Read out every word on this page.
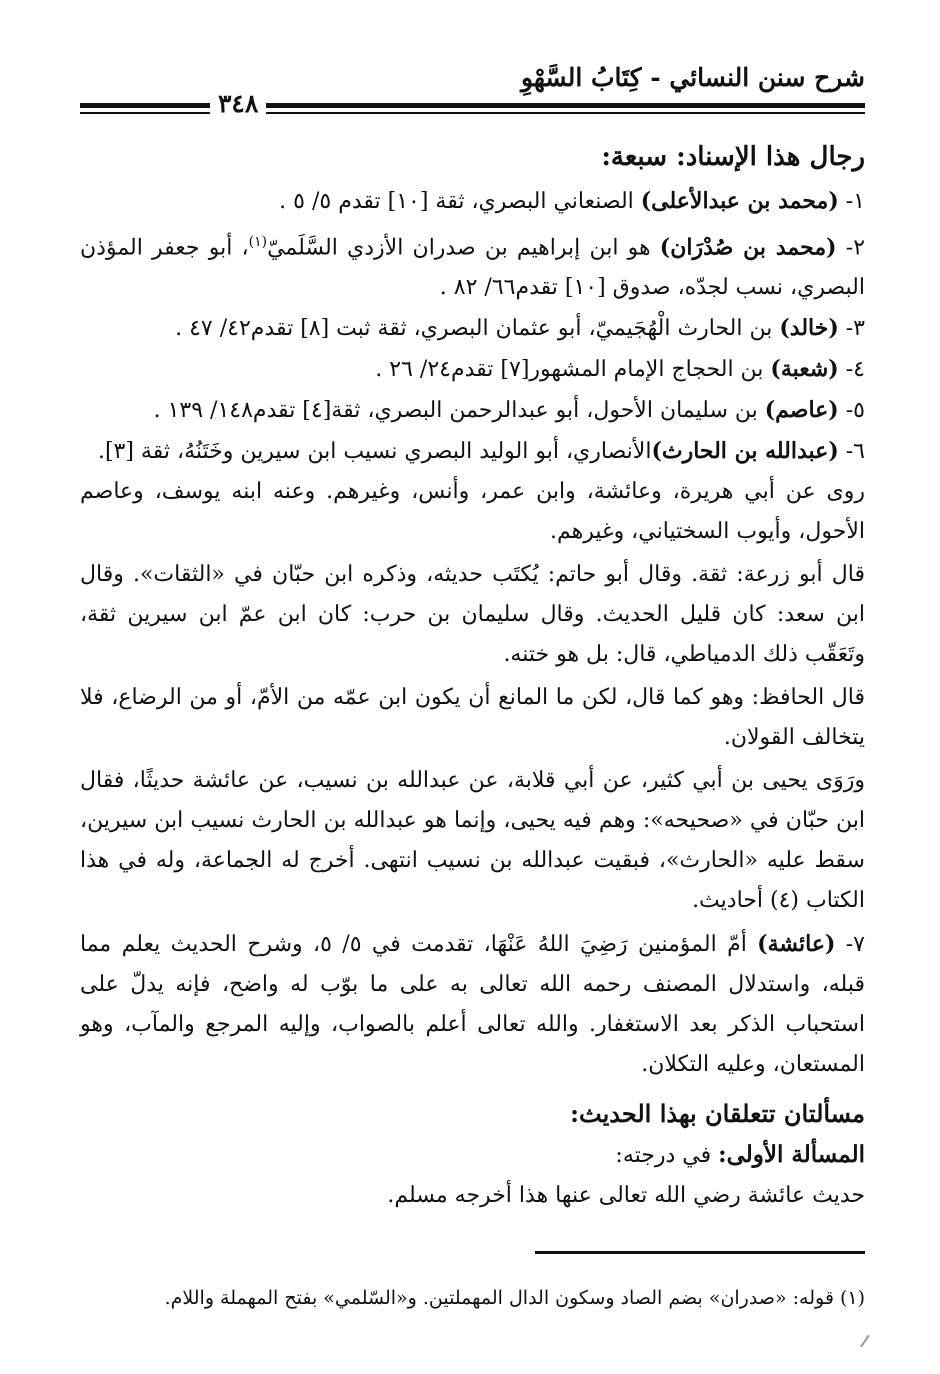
شرح سنن النسائي - كِتَابُ السَّهْوِ
٣٤٨
رجال هذا الإسناد: سبعة:

١- (محمد بن عبدالأعلى) الصنعاني البصري، ثقة [١٠] تقدم ٥/ ٥ .

٢- (محمد بن صُدْرَان) هو ابن إبراهيم بن صدران الأزدي السَّلَميّ$^{(١)}$، أبو جعفر المؤذن البصري، نسب لجدّه، صدوق [١٠] تقدم٦٦/ ٨٢ .

٣- (خالد) بن الحارث الْهُجَيميّ، أبو عثمان البصري، ثقة ثبت [٨] تقدم٤٢/ ٤٧ .

٤- (شعبة) بن الحجاج الإمام المشهور[٧] تقدم٢٤/ ٢٦ .

٥- (عاصم) بن سليمان الأحول، أبو عبدالرحمن البصري، ثقة[٤] تقدم١٤٨/ ١٣٩ .

٦- (عبدالله بن الحارث)الأنصاري، أبو الوليد البصري نسيب ابن سيرين وخَتَنُهُ، ثقة [٣].

روى عن أبي هريرة، وعائشة، وابن عمر، وأنس، وغيرهم. وعنه ابنه يوسف، وعاصم الأحول، وأيوب السختياني، وغيرهم.

قال أبو زرعة: ثقة. وقال أبو حاتم: يُكتَب حديثه، وذكره ابن حبّان في «الثقات». وقال ابن سعد: كان قليل الحديث. وقال سليمان بن حرب: كان ابن عمّ ابن سيرين ثقة، وتَعَقّب ذلك الدمياطي، قال: بل هو ختنه.

قال الحافظ: وهو كما قال، لكن ما المانع أن يكون ابن عمّه من الأمّ، أو من الرضاع، فلا يتخالف القولان.

ورَوَى يحيى بن أبي كثير، عن أبي قلابة، عن عبدالله بن نسيب، عن عائشة حديثًا، فقال ابن حبّان في «صحيحه»: وهم فيه يحيى، وإنما هو عبدالله بن الحارث نسيب ابن سيرين، سقط عليه «الحارث»، فبقيت عبدالله بن نسيب انتهى. أخرج له الجماعة، وله في هذا الكتاب (٤) أحاديث.

٧- (عائشة) أمّ المؤمنين رَضِيَ اللهُ عَنْهَا، تقدمت في ٥/ ٥، وشرح الحديث يعلم مما قبله، واستدلال المصنف رحمه الله تعالى به على ما بوّب له واضح، فإنه يدلّ على استحباب الذكر بعد الاستغفار. والله تعالى أعلم بالصواب، وإليه المرجع والمآب، وهو المستعان، وعليه التكلان.

مسألتان تتعلقان بهذا الحديث:

المسألة الأولى: في درجته:

حديث عائشة رضي الله تعالى عنها هذا أخرجه مسلم.

(١) قوله: «صدران» بضم الصاد وسكون الدال المهملتين. و«السّلمي» بفتح المهملة واللام.
